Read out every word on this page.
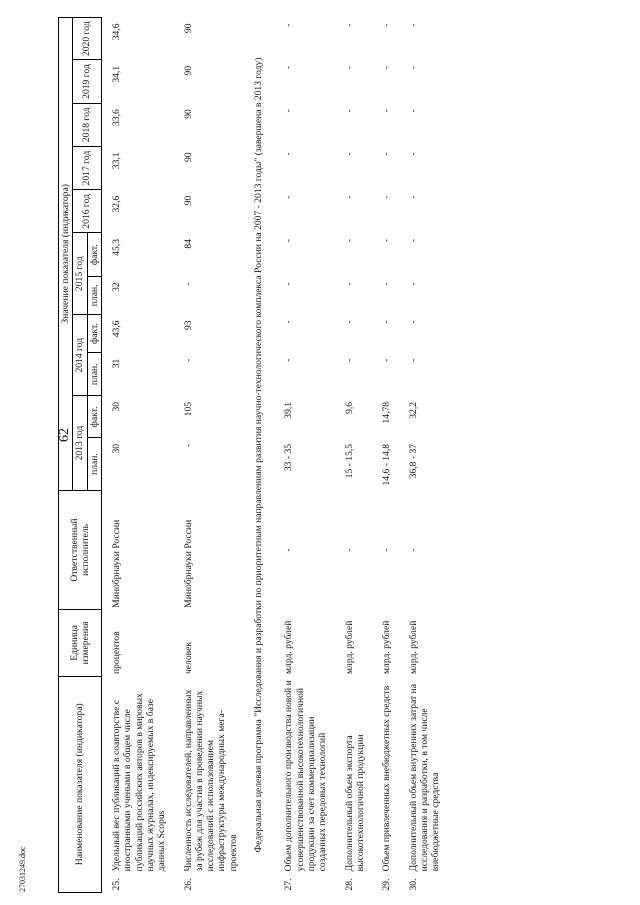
62
27031249.doc
Наименование показателя (индикатора)		Единица измерения	Ответственный исполнитель	Значение показателя (индикатора)										
				2013 год		2014 год		2015 год		2016 год	2017 год	2018 год	2019 год	2020 год
				план.	факт.	план.	факт.	план.	факт.					
25.	Удельный вес публикаций в соавторстве с иностранными учеными в общем числе публикаций российских авторов в мировых научных журналах, индексируемых в базе данных Scopus	процентов	Минобрнауки России	30	30	31	43,6	32	45,3	32,6	33,1	33,6	34,1	34,6
26.	Численность исследователей, направленных за рубеж для участия в проведении научных исследований с использованием инфраструктуры международных мега-проектов	человек	Минобрнауки России	-	105	-	93	-	84	90	90	90	90	90
Федеральная целевая программа "Исследования и разработки по приоритетным направлениям развития научно-технологического комплекса России на 2007 - 2013 годы" (завершена в 2013 году)														
27.	Объем дополнительного производства новой и усовершенствованной высокотехнологичной продукции за счет коммерциализации созданных передовых технологий	млрд. рублей	-	33 - 35	39,1	-	-	-	-	-	-	-	-	-
28.	Дополнительный объем экспорта высокотехнологичной продукции	млрд. рублей	-	15 - 15,5	9,6	-	-	-	-	-	-	-	-	-
29.	Объем привлеченных внебюджетных средств	млрд. рублей	-	14,6 - 14,8	14,78	-	-	-	-	-	-	-	-	-
30.	Дополнительный объем внутренних затрат на исследования и разработки, в том числе внебюджетные средства	млрд. рублей	-	36,8 - 37	32,2	-	-	-	-	-	-	-	-	-
